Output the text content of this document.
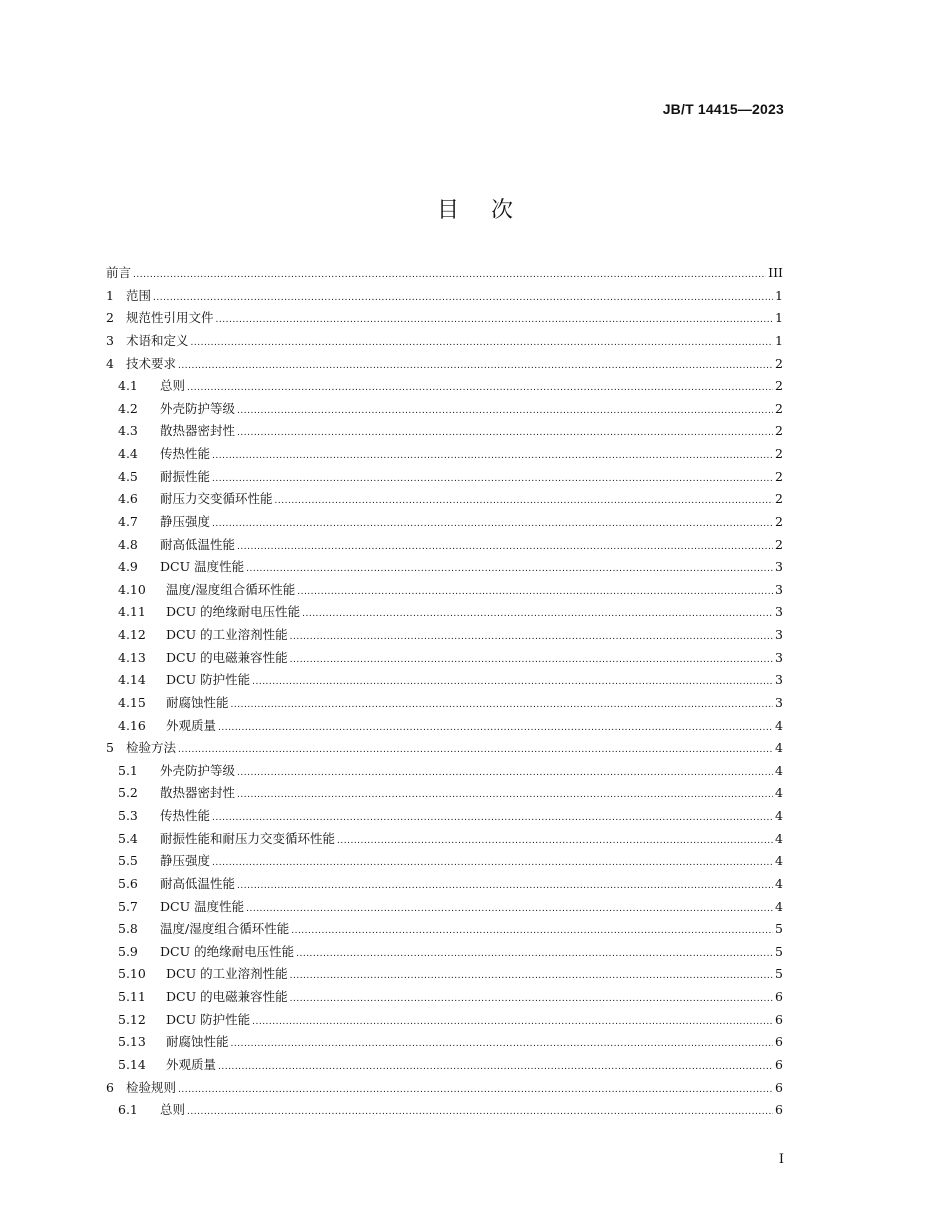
JB/T 14415—2023
目次
前言 .....	III
1 范围 .....	1
2 规范性引用文件 .....	1
3 术语和定义 .....	1
4 技术要求 .....	2
4.1	总则 .....	2
4.2	外壳防护等级 .....	2
4.3	散热器密封性 .....	2
4.4	传热性能 .....	2
4.5	耐振性能 .....	2
4.6	耐压力交变循环性能 .....	2
4.7	静压强度 .....	2
4.8	耐高低温性能 .....	2
4.9	DCU 温度性能 .....	3
4.10	温度/湿度组合循环性能 .....	3
4.11	DCU 的绝缘耐电压性能 .....	3
4.12	DCU 的工业溶剂性能 .....	3
4.13	DCU 的电磁兼容性能 .....	3
4.14	DCU 防护性能 .....	3
4.15	耐腐蚀性能 .....	3
4.16	外观质量 .....	4
5 检验方法 .....	4
5.1	外壳防护等级 .....	4
5.2	散热器密封性 .....	4
5.3	传热性能 .....	4
5.4	耐振性能和耐压力交变循环性能 .....	4
5.5	静压强度 .....	4
5.6	耐高低温性能 .....	4
5.7	DCU 温度性能 .....	4
5.8	温度/湿度组合循环性能 .....	5
5.9	DCU 的绝缘耐电压性能 .....	5
5.10	DCU 的工业溶剂性能 .....	5
5.11	DCU 的电磁兼容性能 .....	6
5.12	DCU 防护性能 .....	6
5.13	耐腐蚀性能 .....	6
5.14	外观质量 .....	6
6 检验规则 .....	6
6.1	总则 .....	6
I
